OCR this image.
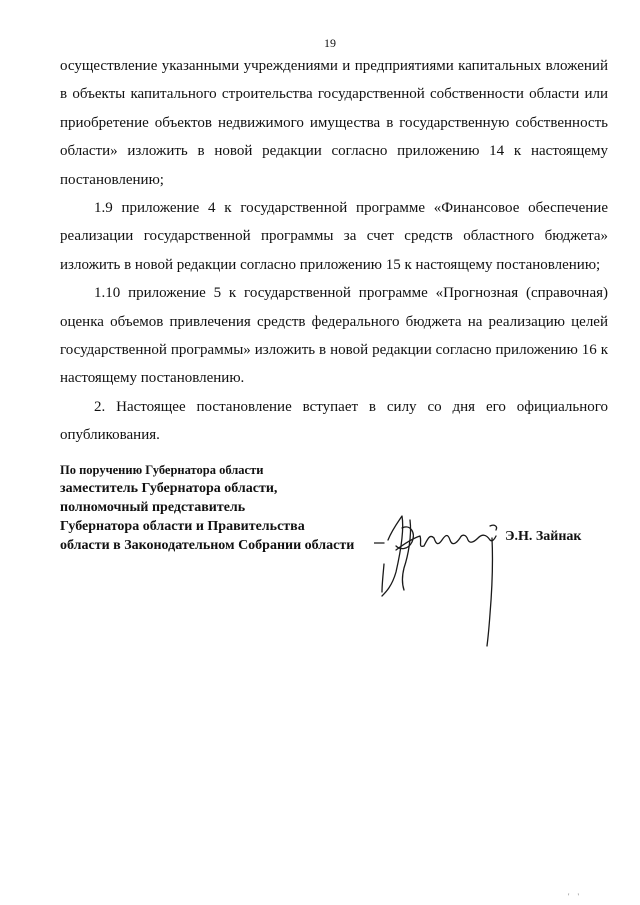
19

осуществление указанными учреждениями и предприятиями капитальных вложений в объекты капитального строительства государственной собственности области или приобретение объектов недвижимого имущества в государственную собственность области» изложить в новой редакции согласно приложению 14 к настоящему постановлению;

1.9 приложение 4 к государственной программе «Финансовое обеспечение реализации государственной программы за счет средств областного бюджета» изложить в новой редакции согласно приложению 15 к настоящему постановлению;

1.10 приложение 5 к государственной программе «Прогнозная (справочная) оценка объемов привлечения средств федерального бюджета на реализацию целей государственной программы» изложить в новой редакции согласно приложению 16 к настоящему постановлению.

2. Настоящее постановление вступает в силу со дня его официального опубликования.

По поручению Губернатора области
заместитель Губернатора области,
полномочный представитель
Губернатора области и Правительства
области в Законодательном Собрании области
Э.Н. Зайнак
' '
